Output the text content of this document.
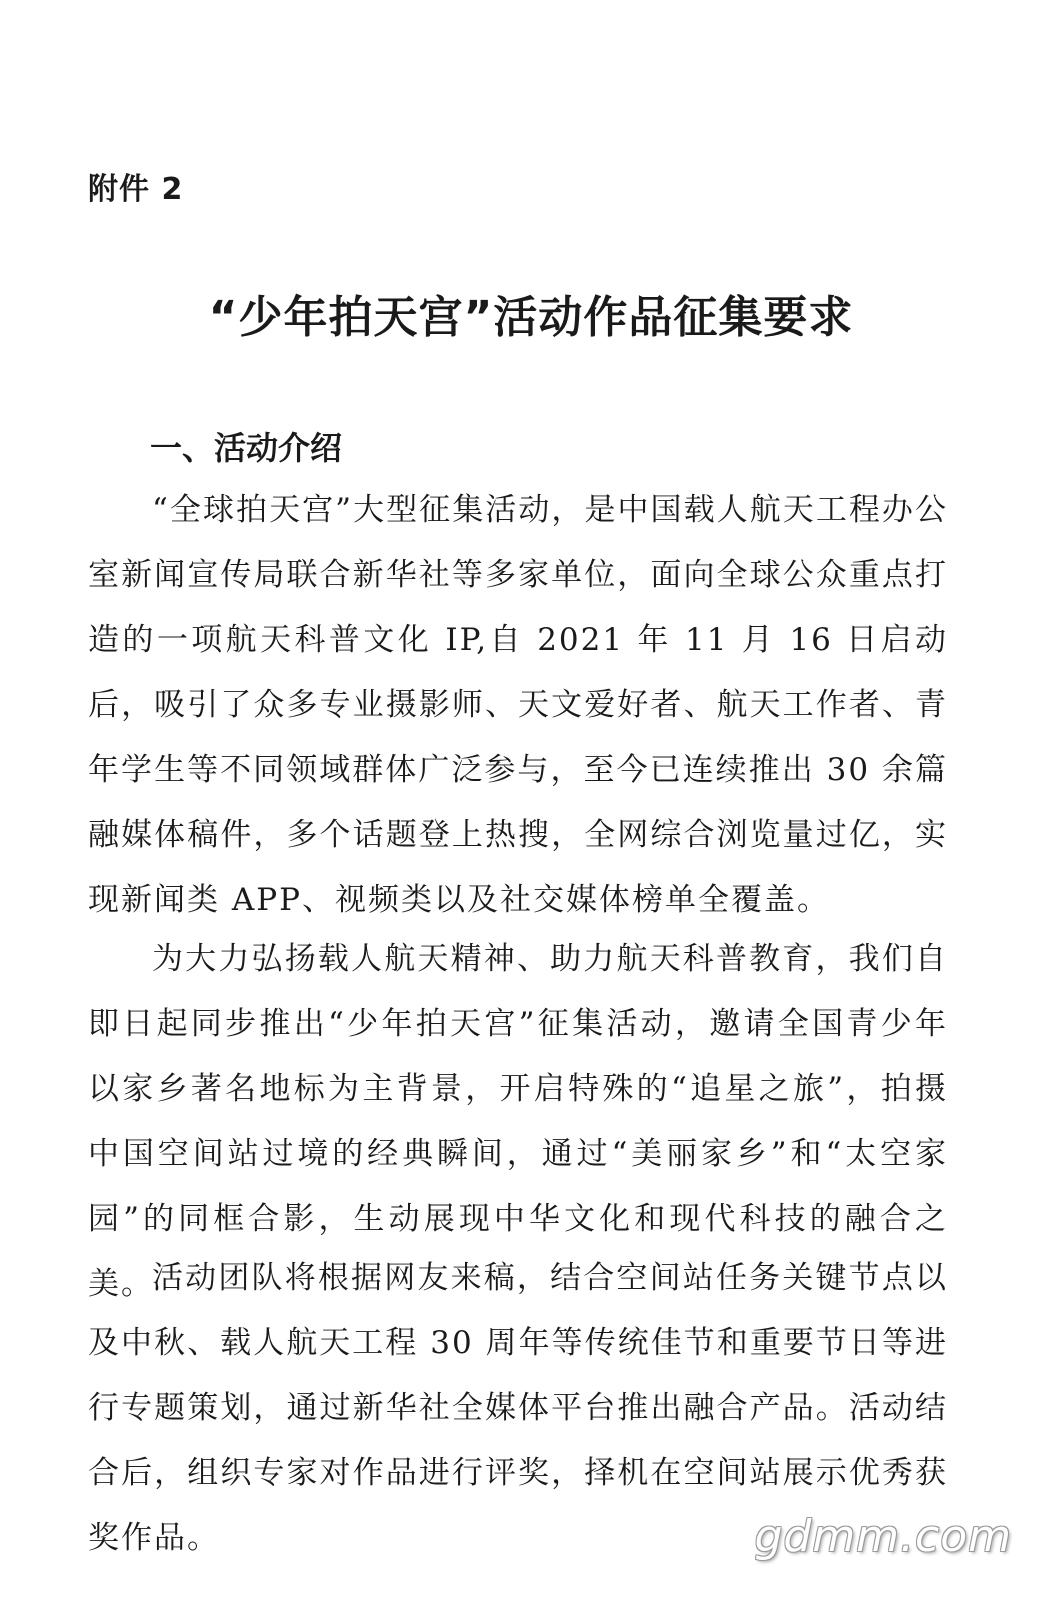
附件 2
“少年拍天宫”活动作品征集要求
一、活动介绍

“全球拍天宫”大型征集活动，是中国载人航天工程办公室新闻宣传局联合新华社等多家单位，面向全球公众重点打造的一项航天科普文化 IP,自 2021 年 11 月 16 日启动后，吸引了众多专业摄影师、天文爱好者、航天工作者、青年学生等不同领域群体广泛参与，至今已连续推出 30 余篇融媒体稿件，多个话题登上热搜，全网综合浏览量过亿，实现新闻类 APP、视频类以及社交媒体榜单全覆盖。

为大力弘扬载人航天精神、助力航天科普教育，我们自即日起同步推出“少年拍天宫”征集活动，邀请全国青少年以家乡著名地标为主背景，开启特殊的“追星之旅”，拍摄中国空间站过境的经典瞬间，通过“美丽家乡”和“太空家园”的同框合影，生动展现中华文化和现代科技的融合之美。

活动团队将根据网友来稿，结合空间站任务关键节点以及中秋、载人航天工程 30 周年等传统佳节和重要节日等进行专题策划，通过新华社全媒体平台推出融合产品。活动结合后，组织专家对作品进行评奖，择机在空间站展示优秀获奖作品。	gdmm.com
